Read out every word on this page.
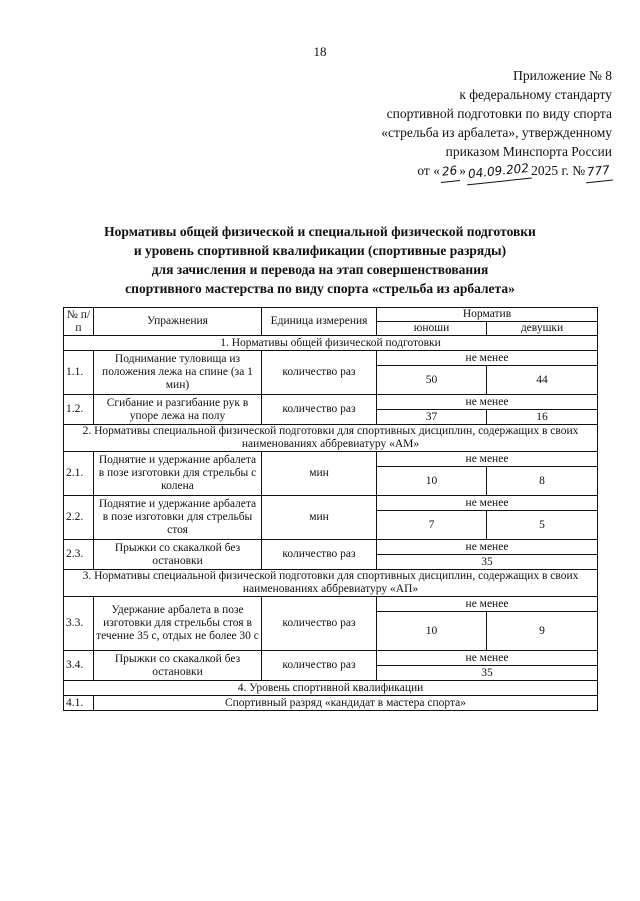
18
Приложение № 8
к федеральному стандарту
спортивной подготовки по виду спорта
«стрельба из арбалета», утвержденному
приказом Минспорта России
от «26»04.09.202 2025 г. №777
Нормативы общей физической и специальной физической подготовки
и уровень спортивной квалификации (спортивные разряды)
для зачисления и перевода на этап совершенствования
спортивного мастерства по виду спорта «стрельба из арбалета»
№ п/п	Упражнения	Единица измерения	Норматив	
			юноши	девушки
1. Нормативы общей физической подготовки				
1.1.	Поднимание туловища из положения лежа на спине (за 1 мин)	количество раз	не менее	
			50	44
1.2.	Сгибание и разгибание рук в упоре лежа на полу	количество раз	не менее	
			37	16
2. Нормативы специальной физической подготовки для спортивных дисциплин, содержащих в своих наименованиях аббревиатуру «АМ»				
2.1.	Поднятие и удержание арбалета в позе изготовки для стрельбы с колена	мин	не менее	
			10	8
2.2.	Поднятие и удержание арбалета в позе изготовки для стрельбы стоя	мин	не менее	
			7	5
2.3.	Прыжки со скакалкой без остановки	количество раз	не менее	
			35	
3. Нормативы специальной физической подготовки для спортивных дисциплин, содержащих в своих наименованиях аббревиатуру «АП»				
3.3.	Удержание арбалета в позе изготовки для стрельбы стоя в течение 35 с, отдых не более 30 с	количество раз	не менее	
			10	9
3.4.	Прыжки со скакалкой без остановки	количество раз	не менее	
			35	
4. Уровень спортивной квалификации				
4.1.	Спортивный разряд «кандидат в мастера спорта»			
